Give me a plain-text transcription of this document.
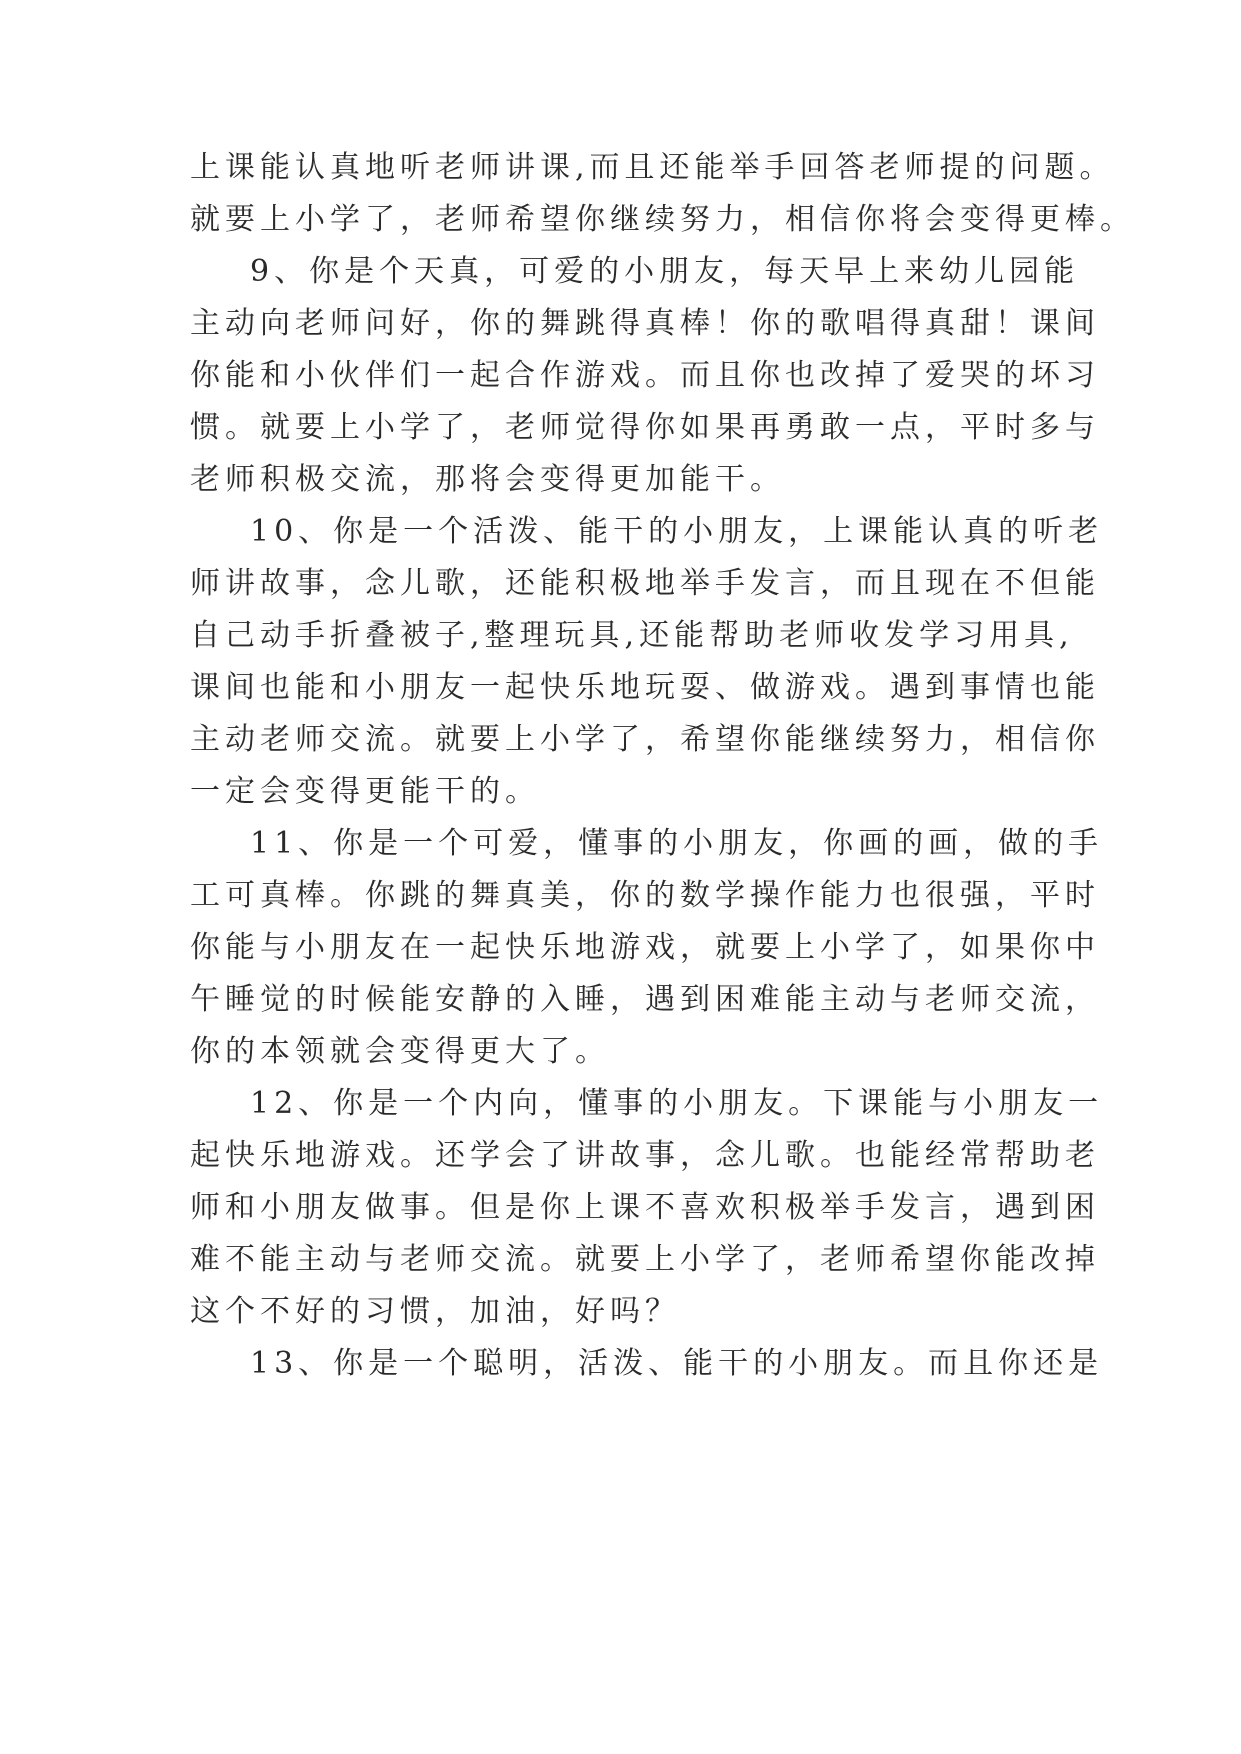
上课能认真地听老师讲课,而且还能举手回答老师提的问题。
就要上小学了，老师希望你继续努力，相信你将会变得更棒。
9、你是个天真，可爱的小朋友，每天早上来幼儿园能
主动向老师问好，你的舞跳得真棒！你的歌唱得真甜！课间
你能和小伙伴们一起合作游戏。而且你也改掉了爱哭的坏习
惯。就要上小学了，老师觉得你如果再勇敢一点，平时多与
老师积极交流，那将会变得更加能干。
10、你是一个活泼、能干的小朋友，上课能认真的听老
师讲故事，念儿歌，还能积极地举手发言，而且现在不但能
自己动手折叠被子,整理玩具,还能帮助老师收发学习用具,
课间也能和小朋友一起快乐地玩耍、做游戏。遇到事情也能
主动老师交流。就要上小学了，希望你能继续努力，相信你
一定会变得更能干的。
11、你是一个可爱，懂事的小朋友，你画的画，做的手
工可真棒。你跳的舞真美，你的数学操作能力也很强，平时
你能与小朋友在一起快乐地游戏，就要上小学了，如果你中
午睡觉的时候能安静的入睡，遇到困难能主动与老师交流，
你的本领就会变得更大了。
12、你是一个内向，懂事的小朋友。下课能与小朋友一
起快乐地游戏。还学会了讲故事，念儿歌。也能经常帮助老
师和小朋友做事。但是你上课不喜欢积极举手发言，遇到困
难不能主动与老师交流。就要上小学了，老师希望你能改掉
这个不好的习惯，加油，好吗？
13、你是一个聪明，活泼、能干的小朋友。而且你还是
